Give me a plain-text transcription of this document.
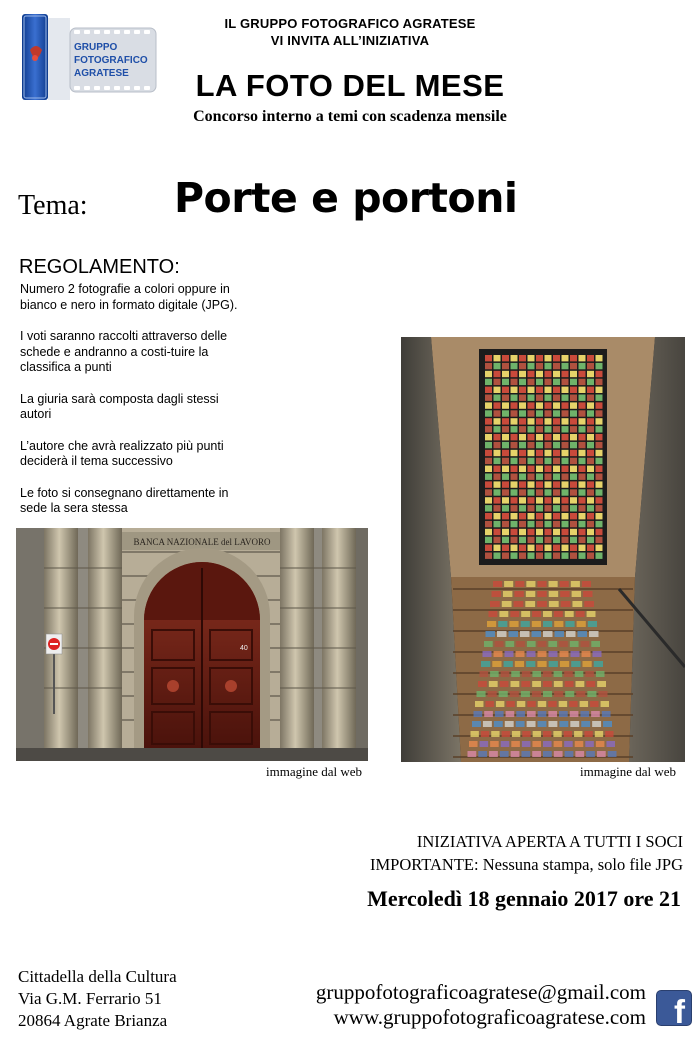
GRUPPO
FOTOGRAFICO
AGRATESE
IL GRUPPO FOTOGRAFICO AGRATESE
VI INVITA ALL’INIZIATIVA
LA FOTO DEL MESE
Concorso interno a temi con scadenza mensile
Tema: Porte e portoni
REGOLAMENTO:

Numero 2 fotografie a colori oppure in bianco e nero in formato digitale (JPG).

I voti saranno raccolti attraverso delle schede e andranno a costi-tuire la classifica a punti

La giuria sarà composta dagli stessi autori

L’autore che avrà realizzato più punti deciderà il tema successivo

Le foto si consegnano direttamente in sede la sera stessa

BANCA NAZIONALE del LAVORO
40
immagine dal web	immagine dal web
INIZIATIVA APERTA A TUTTI I SOCI
IMPORTANTE: Nessuna stampa, solo file JPG
Mercoledì 18 gennaio 2017 ore 21
Cittadella della Cultura
Via G.M. Ferrario 51
20864 Agrate Brianza
gruppofotograficoagratese@gmail.com
www.gruppofotograficoagratese.com f
